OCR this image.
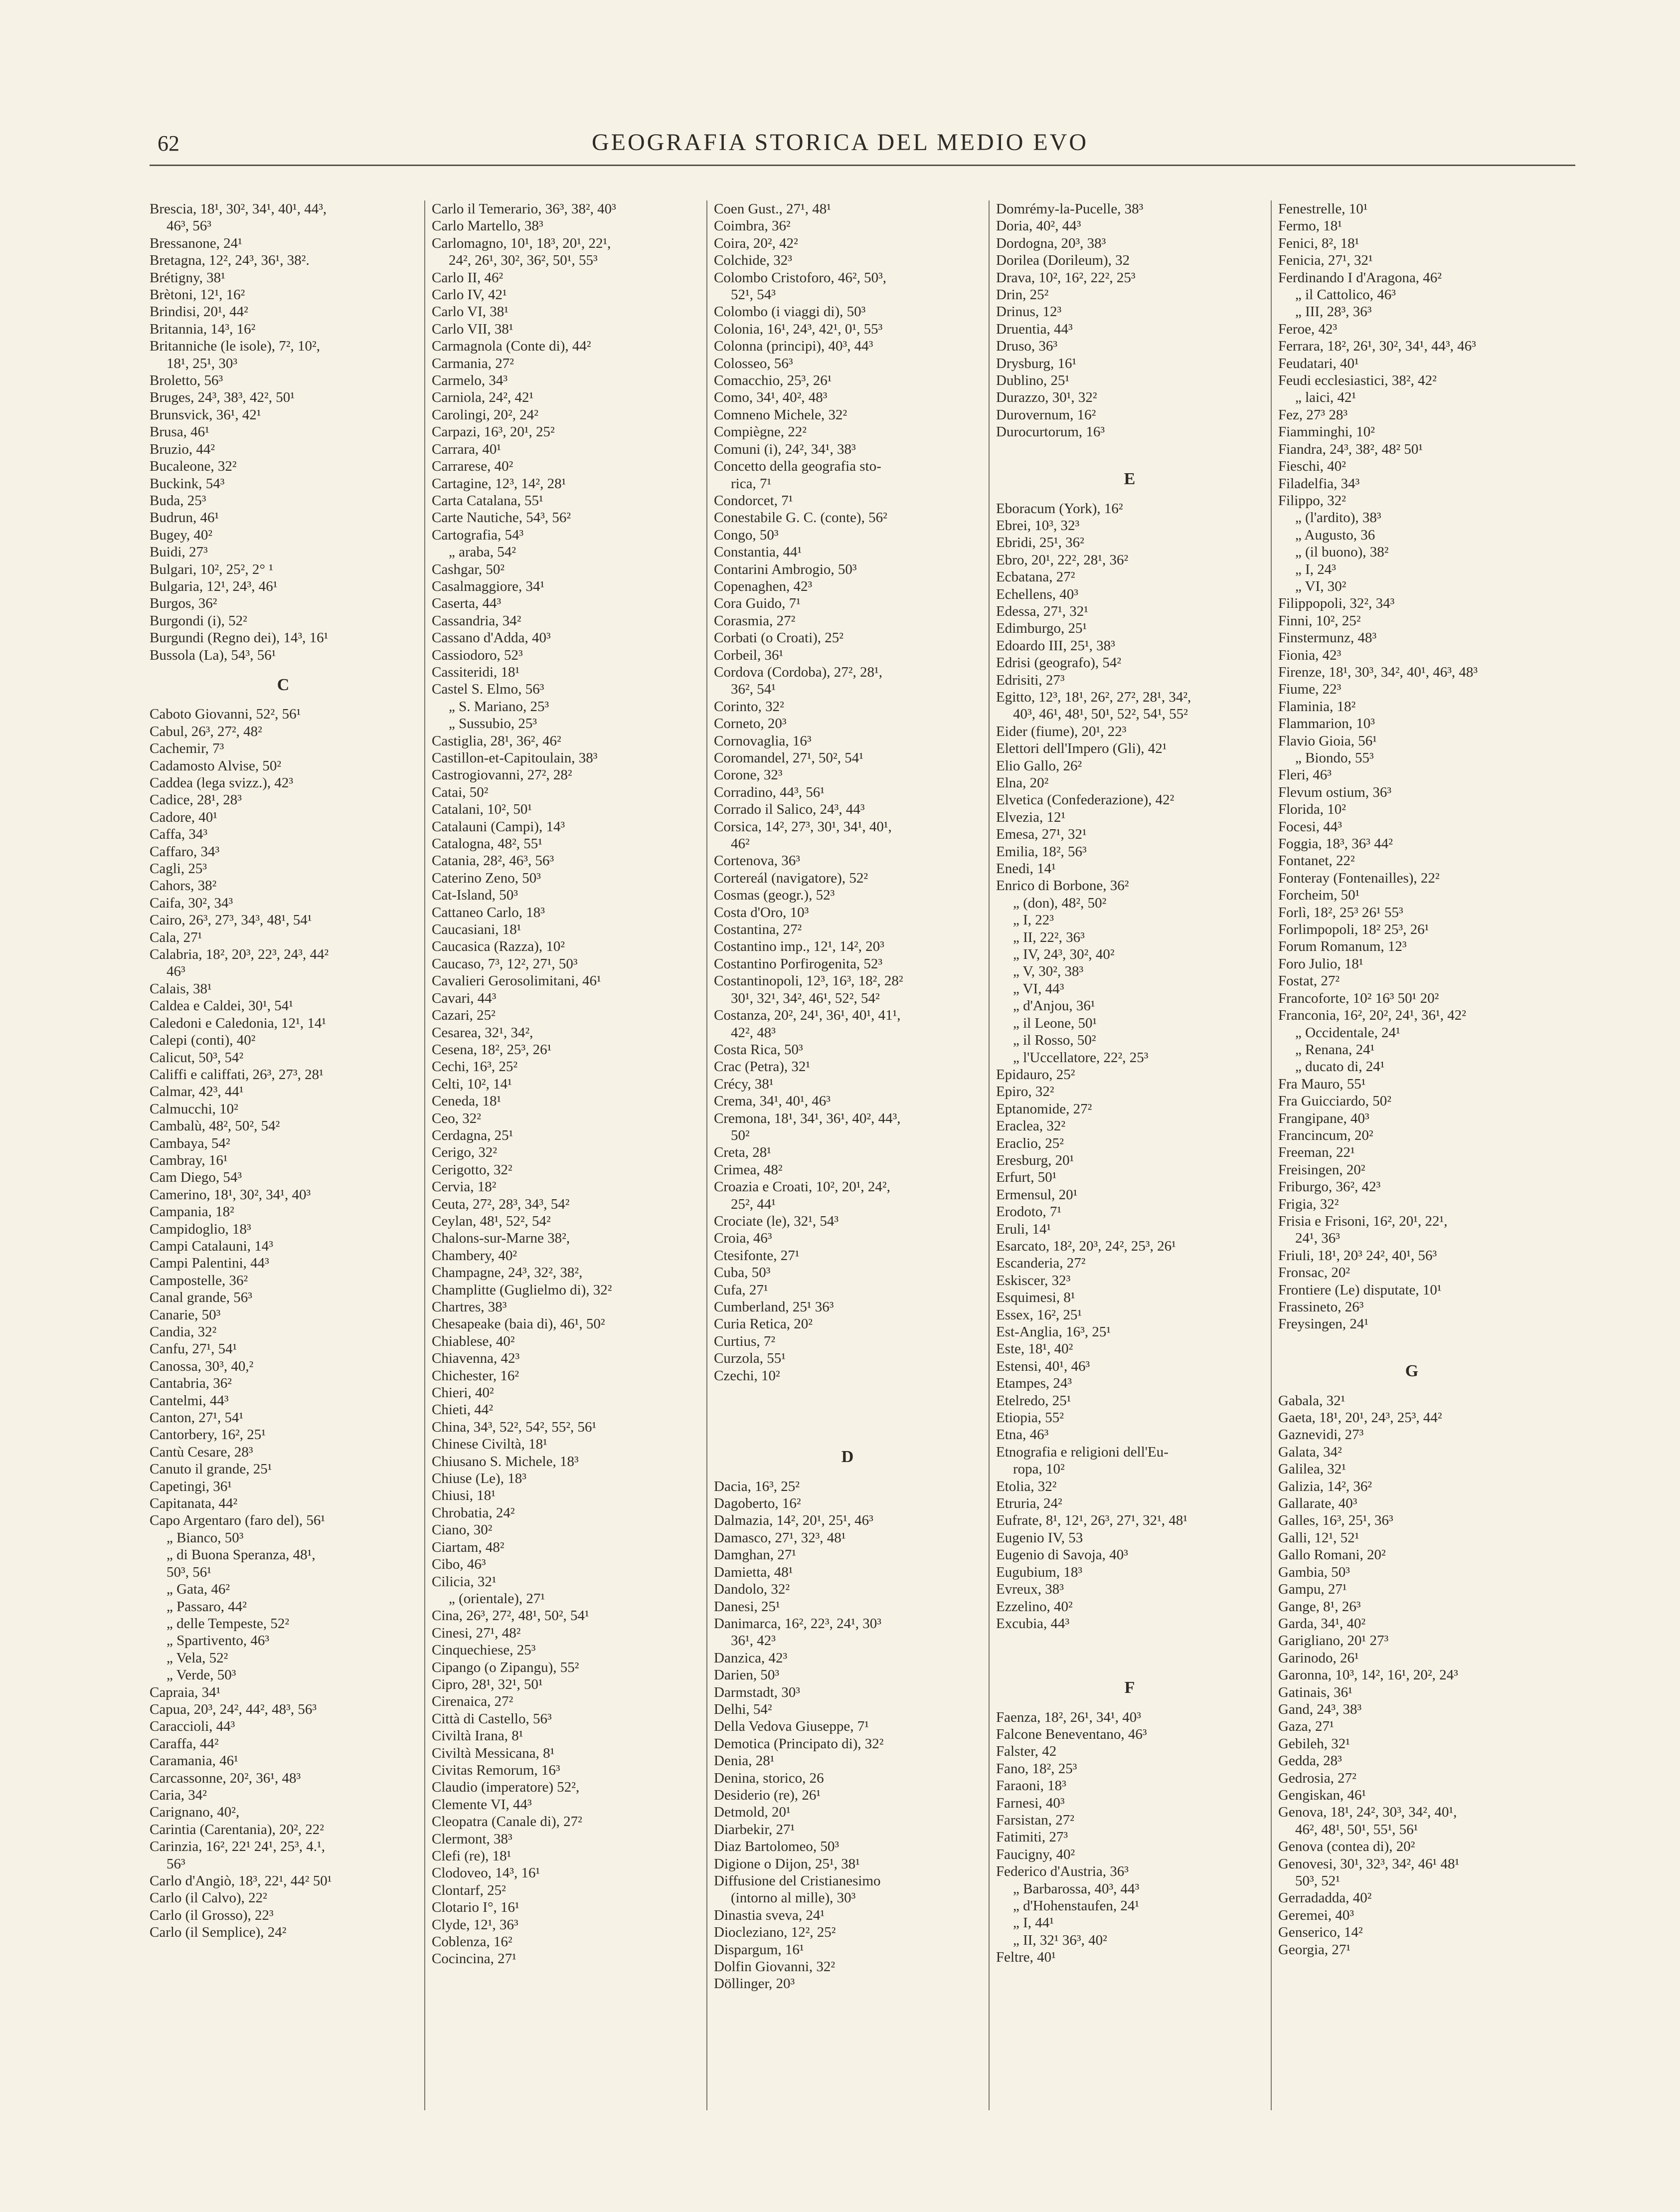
62	GEOGRAFIA STORICA DEL MEDIO EVO
Brescia, 18¹, 30², 34¹, 40¹, 44³,
46³, 56³
Bressanone, 24¹
Bretagna, 12², 24³, 36¹, 38².
Brétigny, 38¹
Brètoni, 12¹, 16²
Brindisi, 20¹, 44²
Britannia, 14³, 16²
Britanniche (le isole), 7², 10²,
18¹, 25¹, 30³
Broletto, 56³
Bruges, 24³, 38³, 42², 50¹
Brunsvick, 36¹, 42¹
Brusa, 46¹
Bruzio, 44²
Bucaleone, 32²
Buckink, 54³
Buda, 25³
Budrun, 46¹
Bugey, 40²
Buidi, 27³
Bulgari, 10², 25², 2° ¹
Bulgaria, 12¹, 24³, 46¹
Burgos, 36²
Burgondi (i), 52²
Burgundi (Regno dei), 14³, 16¹
Bussola (La), 54³, 56¹
C
Caboto Giovanni, 52², 56¹
Cabul, 26³, 27², 48²
Cachemir, 7³
Cadamosto Alvise, 50²
Caddea (lega svizz.), 42³
Cadice, 28¹, 28³
Cadore, 40¹
Caffa, 34³
Caffaro, 34³
Cagli, 25³
Cahors, 38²
Caifa, 30², 34³
Cairo, 26³, 27³, 34³, 48¹, 54¹
Cala, 27¹
Calabria, 18², 20³, 22³, 24³, 44²
46³
Calais, 38¹
Caldea e Caldei, 30¹, 54¹
Caledoni e Caledonia, 12¹, 14¹
Calepi (conti), 40²
Calicut, 50³, 54²
Califfi e califfati, 26³, 27³, 28¹
Calmar, 42³, 44¹
Calmucchi, 10²
Cambalù, 48², 50², 54²
Cambaya, 54²
Cambray, 16¹
Cam Diego, 54³
Camerino, 18¹, 30², 34¹, 40³
Campania, 18²
Campidoglio, 18³
Campi Catalauni, 14³
Campi Palentini, 44³
Campostelle, 36²
Canal grande, 56³
Canarie, 50³
Candia, 32²
Canfu, 27¹, 54¹
Canossa, 30³, 40,²
Cantabria, 36²
Cantelmi, 44³
Canton, 27¹, 54¹
Cantorbery, 16², 25¹
Cantù Cesare, 28³
Canuto il grande, 25¹
Capetingi, 36¹
Capitanata, 44²
Capo Argentaro (faro del), 56¹
„ Bianco, 50³
„ di Buona Speranza, 48¹,
50³, 56¹
„ Gata, 46²
„ Passaro, 44²
„ delle Tempeste, 52²
„ Spartivento, 46³
„ Vela, 52²
„ Verde, 50³
Capraia, 34¹
Capua, 20³, 24², 44², 48³, 56³
Caraccioli, 44³
Caraffa, 44²
Caramania, 46¹
Carcassonne, 20², 36¹, 48³
Caria, 34²
Carignano, 40²,
Carintia (Carentania), 20², 22²
Carinzia, 16², 22¹ 24¹, 25³, 4.¹,
56³
Carlo d'Angiò, 18³, 22¹, 44² 50¹
Carlo (il Calvo), 22²
Carlo (il Grosso), 22³
Carlo (il Semplice), 24²
Carlo il Temerario, 36³, 38², 40³
Carlo Martello, 38³
Carlomagno, 10¹, 18³, 20¹, 22¹,
24², 26¹, 30², 36², 50¹, 55³
Carlo II, 46²
Carlo IV, 42¹
Carlo VI, 38¹
Carlo VII, 38¹
Carmagnola (Conte di), 44²
Carmania, 27²
Carmelo, 34³
Carniola, 24², 42¹
Carolingi, 20², 24²
Carpazi, 16³, 20¹, 25²
Carrara, 40¹
Carrarese, 40²
Cartagine, 12³, 14², 28¹
Carta Catalana, 55¹
Carte Nautiche, 54³, 56²
Cartografia, 54³
„ araba, 54²
Cashgar, 50²
Casalmaggiore, 34¹
Caserta, 44³
Cassandria, 34²
Cassano d'Adda, 40³
Cassiodoro, 52³
Cassiteridi, 18¹
Castel S. Elmo, 56³
„ S. Mariano, 25³
„ Sussubio, 25³
Castiglia, 28¹, 36², 46²
Castillon-et-Capitoulain, 38³
Castrogiovanni, 27², 28²
Catai, 50²
Catalani, 10², 50¹
Catalauni (Campi), 14³
Catalogna, 48², 55¹
Catania, 28², 46³, 56³
Caterino Zeno, 50³
Cat-Island, 50³
Cattaneo Carlo, 18³
Caucasiani, 18¹
Caucasica (Razza), 10²
Caucaso, 7³, 12², 27¹, 50³
Cavalieri Gerosolimitani, 46¹
Cavari, 44³
Cazari, 25²
Cesarea, 32¹, 34²,
Cesena, 18², 25³, 26¹
Cechi, 16³, 25²
Celti, 10², 14¹
Ceneda, 18¹
Ceo, 32²
Cerdagna, 25¹
Cerigo, 32²
Cerigotto, 32²
Cervia, 18²
Ceuta, 27², 28³, 34³, 54²
Ceylan, 48¹, 52², 54²
Chalons-sur-Marne 38²,
Chambery, 40²
Champagne, 24³, 32², 38²,
Champlitte (Guglielmo di), 32²
Chartres, 38³
Chesapeake (baia di), 46¹, 50²
Chiablese, 40²
Chiavenna, 42³
Chichester, 16²
Chieri, 40²
Chieti, 44²
China, 34³, 52², 54², 55², 56¹
Chinese Civiltà, 18¹
Chiusano S. Michele, 18³
Chiuse (Le), 18³
Chiusi, 18¹
Chrobatia, 24²
Ciano, 30²
Ciartam, 48²
Cibo, 46³
Cilicia, 32¹
„ (orientale), 27¹
Cina, 26³, 27², 48¹, 50², 54¹
Cinesi, 27¹, 48²
Cinquechiese, 25³
Cipango (o Zipangu), 55²
Cipro, 28¹, 32¹, 50¹
Cirenaica, 27²
Città di Castello, 56³
Civiltà Irana, 8¹
Civiltà Messicana, 8¹
Civitas Remorum, 16³
Claudio (imperatore) 52²,
Clemente VI, 44³
Cleopatra (Canale di), 27²
Clermont, 38³
Clefi (re), 18¹
Clodoveo, 14³, 16¹
Clontarf, 25²
Clotario I°, 16¹
Clyde, 12¹, 36³
Coblenza, 16²
Cocincina, 27¹
Coen Gust., 27¹, 48¹
Coimbra, 36²
Coira, 20², 42²
Colchide, 32³
Colombo Cristoforo, 46², 50³,
52¹, 54³
Colombo (i viaggi di), 50³
Colonia, 16¹, 24³, 42¹, 0¹, 55³
Colonna (principi), 40³, 44³
Colosseo, 56³
Comacchio, 25³, 26¹
Como, 34¹, 40², 48³
Comneno Michele, 32²
Compiègne, 22²
Comuni (i), 24², 34¹, 38³
Concetto della geografia sto-
rica, 7¹
Condorcet, 7¹
Conestabile G. C. (conte), 56²
Congo, 50³
Constantia, 44¹
Contarini Ambrogio, 50³
Copenaghen, 42³
Cora Guido, 7¹
Corasmia, 27²
Corbati (o Croati), 25²
Corbeil, 36¹
Cordova (Cordoba), 27², 28¹,
36², 54¹
Corinto, 32²
Corneto, 20³
Cornovaglia, 16³
Coromandel, 27¹, 50², 54¹
Corone, 32³
Corradino, 44³, 56¹
Corrado il Salico, 24³, 44³
Corsica, 14², 27³, 30¹, 34¹, 40¹,
46²
Cortenova, 36³
Cortereál (navigatore), 52²
Cosmas (geogr.), 52³
Costa d'Oro, 10³
Costantina, 27²
Costantino imp., 12¹, 14², 20³
Costantino Porfirogenita, 52³
Costantinopoli, 12³, 16³, 18², 28²
30¹, 32¹, 34², 46¹, 52², 54²
Costanza, 20², 24¹, 36¹, 40¹, 41¹,
42², 48³
Costa Rica, 50³
Crac (Petra), 32¹
Crécy, 38¹
Crema, 34¹, 40¹, 46³
Cremona, 18¹, 34¹, 36¹, 40², 44³,
50²
Creta, 28¹
Crimea, 48²
Croazia e Croati, 10², 20¹, 24²,
25², 44¹
Crociate (le), 32¹, 54³
Croia, 46³
Ctesifonte, 27¹
Cuba, 50³
Cufa, 27¹
Cumberland, 25¹ 36³
Curia Retica, 20²
Curtius, 7²
Curzola, 55¹
Czechi, 10²

D
Dacia, 16³, 25²
Dagoberto, 16²
Dalmazia, 14², 20¹, 25¹, 46³
Damasco, 27¹, 32³, 48¹
Damghan, 27¹
Damietta, 48¹
Dandolo, 32²
Danesi, 25¹
Danimarca, 16², 22³, 24¹, 30³
36¹, 42³
Danzica, 42³
Darien, 50³
Darmstadt, 30³
Delhi, 54²
Della Vedova Giuseppe, 7¹
Demotica (Principato di), 32²
Denia, 28¹
Denina, storico, 26
Desiderio (re), 26¹
Detmold, 20¹
Diarbekir, 27¹
Diaz Bartolomeo, 50³
Digione o Dijon, 25¹, 38¹
Diffusione del Cristianesimo
(intorno al mille), 30³
Dinastia sveva, 24¹
Diocleziano, 12², 25²
Dispargum, 16¹
Dolfin Giovanni, 32²
Döllinger, 20³
Domrémy-la-Pucelle, 38³
Doria, 40², 44³
Dordogna, 20³, 38³
Dorilea (Dorileum), 32
Drava, 10², 16², 22², 25³
Drin, 25²
Drinus, 12³
Druentia, 44³
Druso, 36³
Drysburg, 16¹
Dublino, 25¹
Durazzo, 30¹, 32²
Durovernum, 16²
Durocurtorum, 16³

E
Eboracum (York), 16²
Ebrei, 10³, 32³
Ebridi, 25¹, 36²
Ebro, 20¹, 22², 28¹, 36²
Ecbatana, 27²
Echellens, 40³
Edessa, 27¹, 32¹
Edimburgo, 25¹
Edoardo III, 25¹, 38³
Edrisi (geografo), 54²
Edrisiti, 27³
Egitto, 12³, 18¹, 26², 27², 28¹, 34²,
40³, 46¹, 48¹, 50¹, 52², 54¹, 55²
Eider (fiume), 20¹, 22³
Elettori dell'Impero (Gli), 42¹
Elio Gallo, 26²
Elna, 20²
Elvetica (Confederazione), 42²
Elvezia, 12¹
Emesa, 27¹, 32¹
Emilia, 18², 56³
Enedi, 14¹
Enrico di Borbone, 36²
„ (don), 48², 50²
„ I, 22³
„ II, 22², 36³
„ IV, 24³, 30², 40²
„ V, 30², 38³
„ VI, 44³
„ d'Anjou, 36¹
„ il Leone, 50¹
„ il Rosso, 50²
„ l'Uccellatore, 22², 25³
Epidauro, 25²
Epiro, 32²
Eptanomide, 27²
Eraclea, 32²
Eraclio, 25²
Eresburg, 20¹
Erfurt, 50¹
Ermensul, 20¹
Erodoto, 7¹
Eruli, 14¹
Esarcato, 18², 20³, 24², 25³, 26¹
Escanderia, 27²
Eskiscer, 32³
Esquimesi, 8¹
Essex, 16², 25¹
Est-Anglia, 16³, 25¹
Este, 18¹, 40²
Estensi, 40¹, 46³
Etampes, 24³
Etelredo, 25¹
Etiopia, 55²
Etna, 46³
Etnografia e religioni dell'Eu-
ropa, 10²
Etolia, 32²
Etruria, 24²
Eufrate, 8¹, 12¹, 26³, 27¹, 32¹, 48¹
Eugenio IV, 53
Eugenio di Savoja, 40³
Eugubium, 18³
Evreux, 38³
Ezzelino, 40²
Excubia, 44³

F
Faenza, 18², 26¹, 34¹, 40³
Falcone Beneventano, 46³
Falster, 42
Fano, 18², 25³
Faraoni, 18³
Farnesi, 40³
Farsistan, 27²
Fatimiti, 27³
Faucigny, 40²
Federico d'Austria, 36³
„ Barbarossa, 40³, 44³
„ d'Hohenstaufen, 24¹
„ I, 44¹
„ II, 32¹ 36³, 40²
Feltre, 40¹
Fenestrelle, 10¹
Fermo, 18¹
Fenici, 8², 18¹
Fenicia, 27¹, 32¹
Ferdinando I d'Aragona, 46²
„ il Cattolico, 46³
„ III, 28³, 36³
Feroe, 42³
Ferrara, 18², 26¹, 30², 34¹, 44³, 46³
Feudatari, 40¹
Feudi ecclesiastici, 38², 42²
„ laici, 42¹
Fez, 27³ 28³
Fiamminghi, 10²
Fiandra, 24³, 38², 48² 50¹
Fieschi, 40²
Filadelfia, 34³
Filippo, 32²
„ (l'ardito), 38³
„ Augusto, 36
„ (il buono), 38²
„ I, 24³
„ VI, 30²
Filippopoli, 32², 34³
Finni, 10², 25²
Finstermunz, 48³
Fionia, 42³
Firenze, 18¹, 30³, 34², 40¹, 46³, 48³
Fiume, 22³
Flaminia, 18²
Flammarion, 10³
Flavio Gioia, 56¹
„ Biondo, 55³
Fleri, 46³
Flevum ostium, 36³
Florida, 10²
Focesi, 44³
Foggia, 18³, 36³ 44²
Fontanet, 22²
Fonteray (Fontenailles), 22²
Forcheim, 50¹
Forlì, 18², 25³ 26¹ 55³
Forlimpopoli, 18² 25³, 26¹
Forum Romanum, 12³
Foro Julio, 18¹
Fostat, 27²
Francoforte, 10² 16³ 50¹ 20²
Franconia, 16², 20², 24¹, 36¹, 42²
„ Occidentale, 24¹
„ Renana, 24¹
„ ducato di, 24¹
Fra Mauro, 55¹
Fra Guicciardo, 50²
Frangipane, 40³
Francincum, 20²
Freeman, 22¹
Freisingen, 20²
Friburgo, 36², 42³
Frigia, 32²
Frisia e Frisoni, 16², 20¹, 22¹,
24¹, 36³
Friuli, 18¹, 20³ 24², 40¹, 56³
Fronsac, 20²
Frontiere (Le) disputate, 10¹
Frassineto, 26³
Freysingen, 24¹

G
Gabala, 32¹
Gaeta, 18¹, 20¹, 24³, 25³, 44²
Gaznevidi, 27³
Galata, 34²
Galilea, 32¹
Galizia, 14², 36²
Gallarate, 40³
Galles, 16³, 25¹, 36³
Galli, 12¹, 52¹
Gallo Romani, 20²
Gambia, 50³
Gampu, 27¹
Gange, 8¹, 26³
Garda, 34¹, 40²
Garigliano, 20¹ 27³
Garinodo, 26¹
Garonna, 10³, 14², 16¹, 20², 24³
Gatinais, 36¹
Gand, 24³, 38³
Gaza, 27¹
Gebileh, 32¹
Gedda, 28³
Gedrosia, 27²
Gengiskan, 46¹
Genova, 18¹, 24², 30³, 34², 40¹,
46², 48¹, 50¹, 55¹, 56¹
Genova (contea di), 20²
Genovesi, 30¹, 32³, 34², 46¹ 48¹
50³, 52¹
Gerradadda, 40²
Geremei, 40³
Genserico, 14²
Georgia, 27¹
